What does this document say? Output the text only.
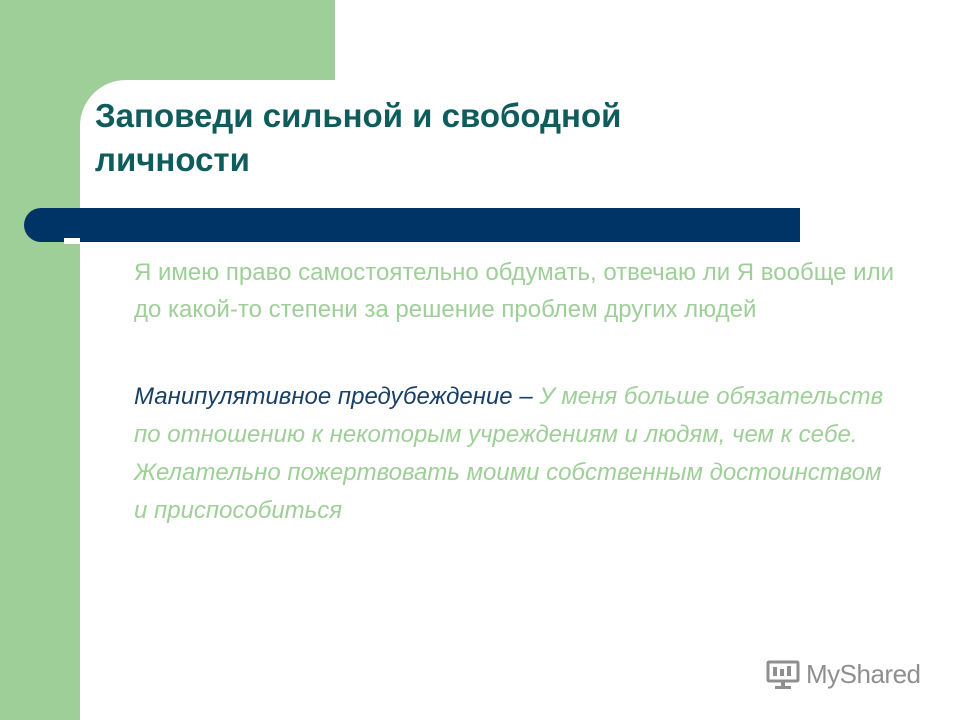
Заповеди сильной и свободной
личности

Я имею право самостоятельно обдумать, отвечаю ли Я вообще или до какой-то степени за решение проблем других людей

Манипулятивное предубеждение – У меня больше обязательств по отношению к некоторым учреждениям и людям, чем к себе. Желательно пожертвовать моими собственным достоинством и приспособиться

MyShared
